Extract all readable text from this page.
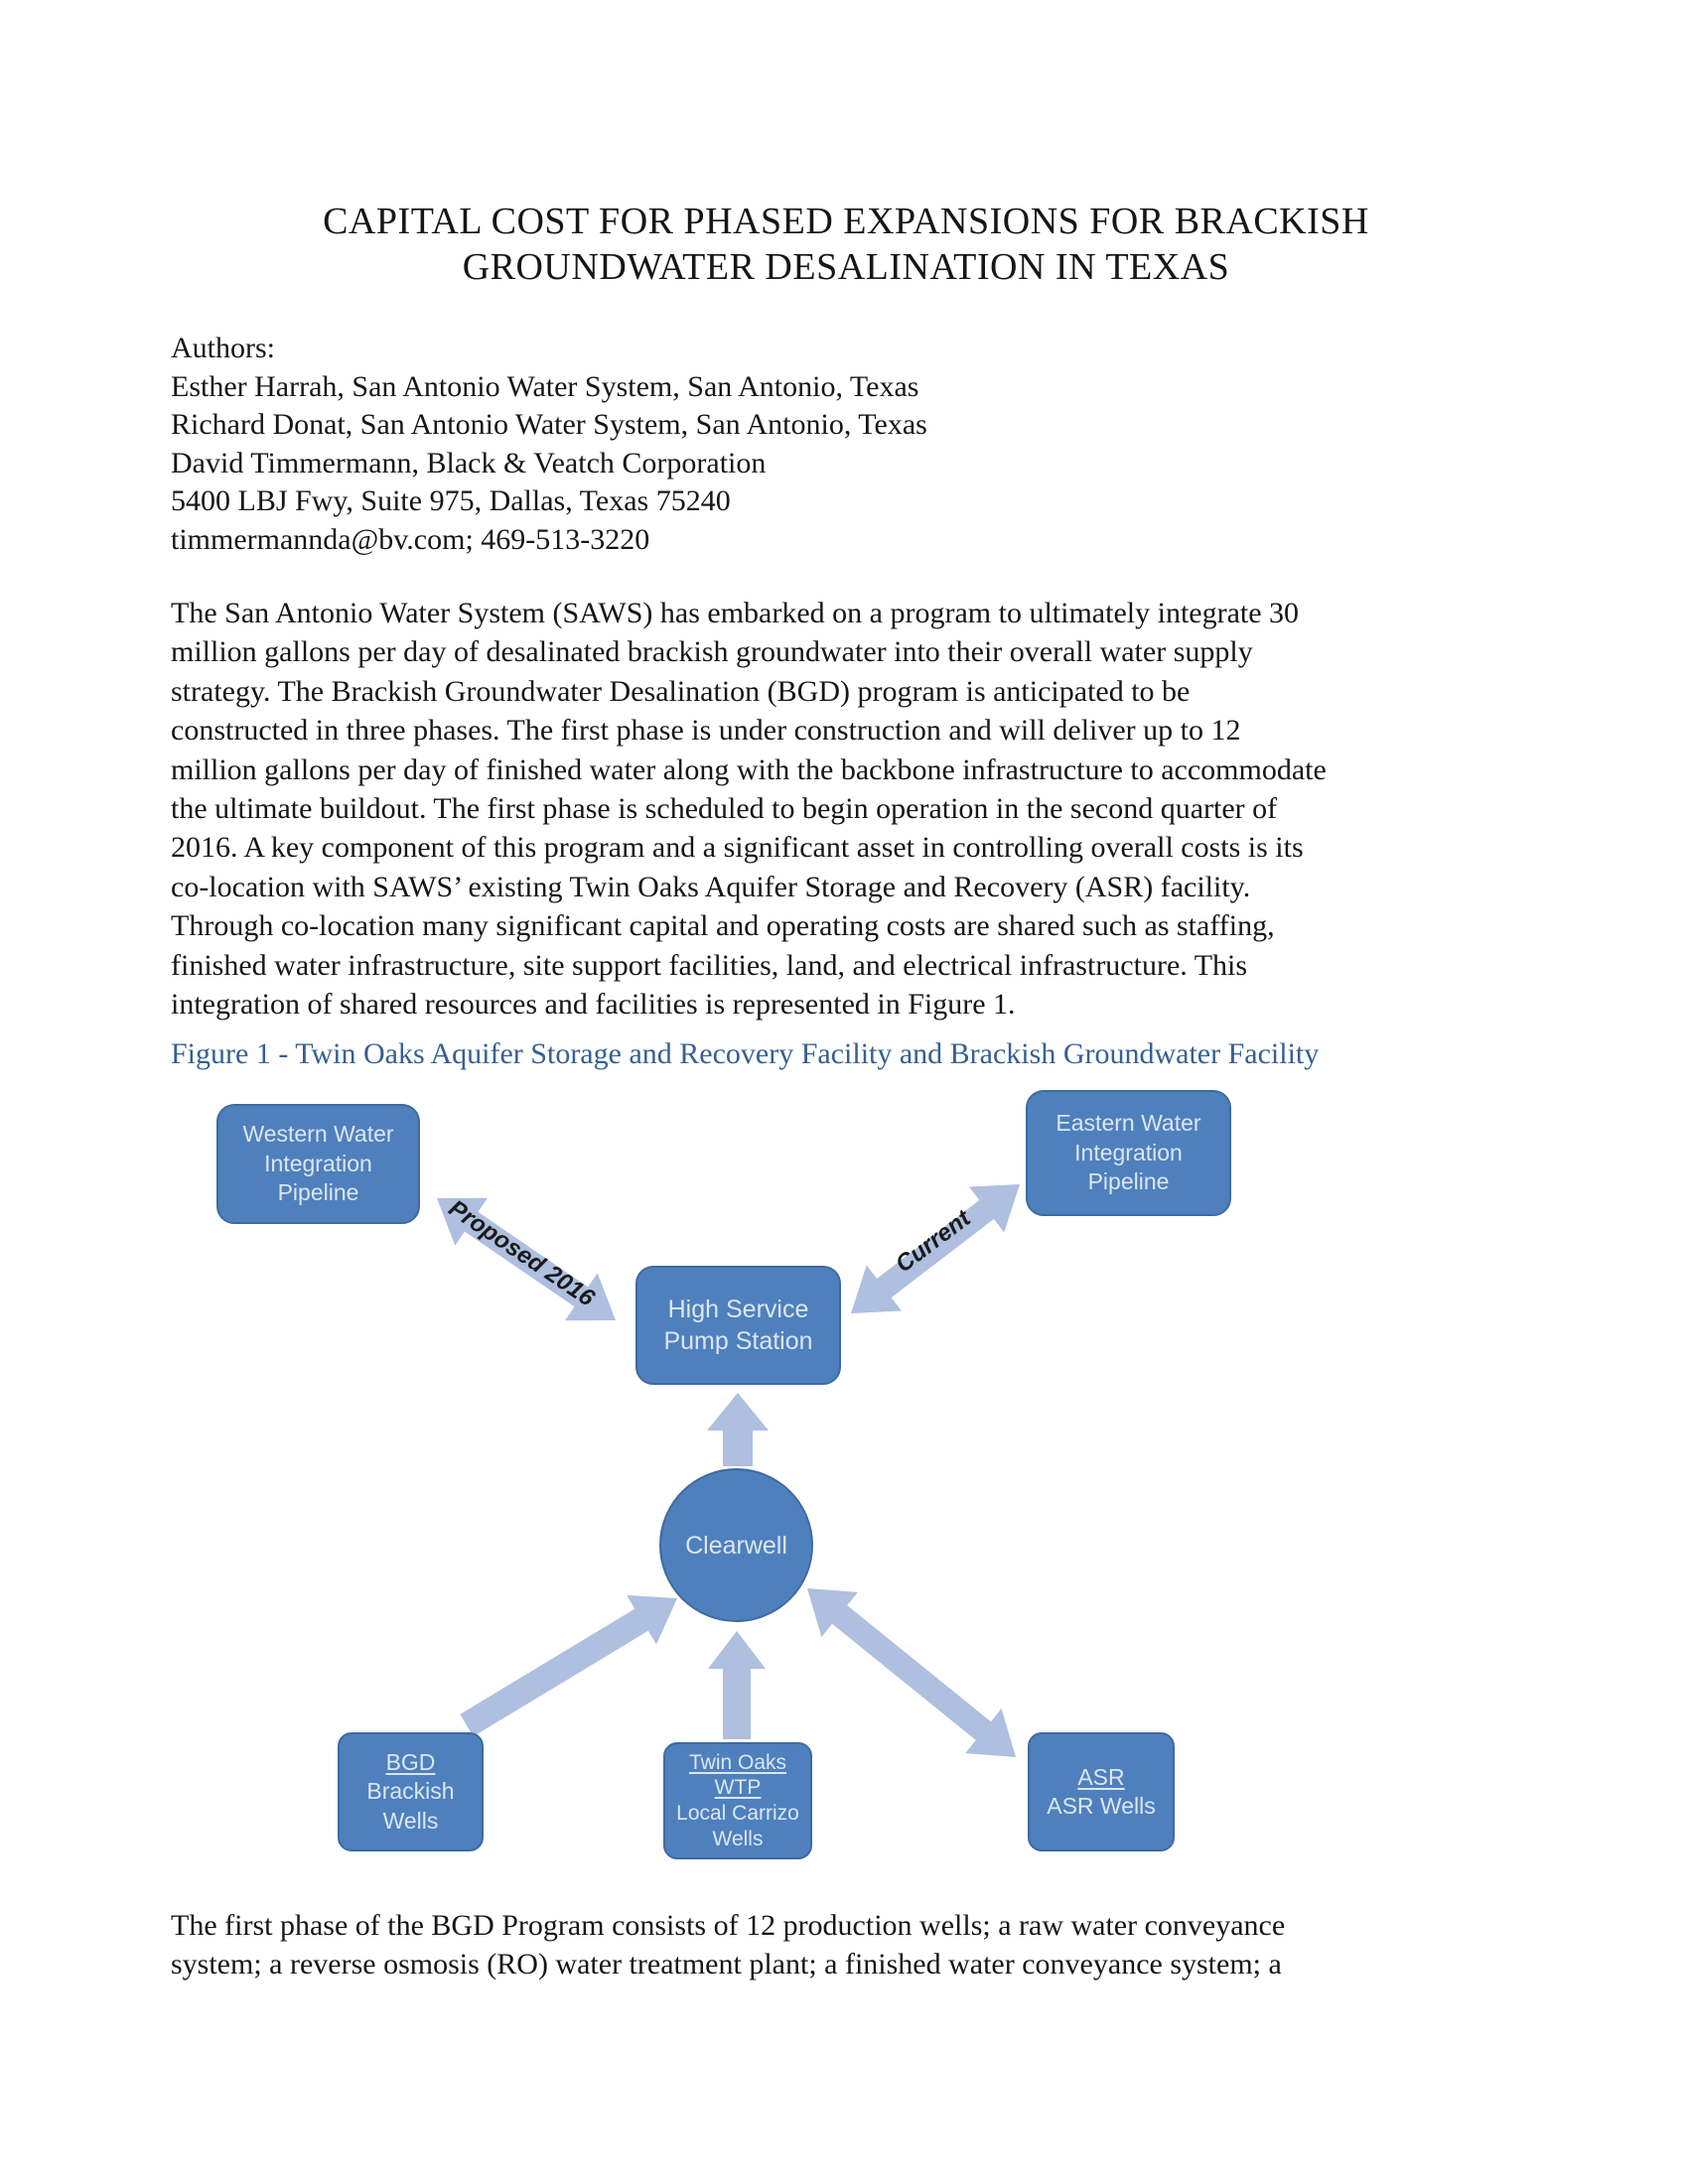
CAPITAL COST FOR PHASED EXPANSIONS FOR BRACKISH
GROUNDWATER DESALINATION IN TEXAS
Authors:
Esther Harrah, San Antonio Water System, San Antonio, Texas
Richard Donat, San Antonio Water System, San Antonio, Texas
David Timmermann, Black & Veatch Corporation
5400 LBJ Fwy, Suite 975, Dallas, Texas 75240
timmermannda@bv.com; 469-513-3220
The San Antonio Water System (SAWS) has embarked on a program to ultimately integrate 30
million gallons per day of desalinated brackish groundwater into their overall water supply
strategy. The Brackish Groundwater Desalination (BGD) program is anticipated to be
constructed in three phases. The first phase is under construction and will deliver up to 12
million gallons per day of finished water along with the backbone infrastructure to accommodate
the ultimate buildout. The first phase is scheduled to begin operation in the second quarter of
2016. A key component of this program and a significant asset in controlling overall costs is its
co-location with SAWS’ existing Twin Oaks Aquifer Storage and Recovery (ASR) facility.
Through co-location many significant capital and operating costs are shared such as staffing,
finished water infrastructure, site support facilities, land, and electrical infrastructure. This
integration of shared resources and facilities is represented in Figure 1.
Figure 1 - Twin Oaks Aquifer Storage and Recovery Facility and Brackish Groundwater Facility
Proposed 2016	Current
Western Water
Integration
Pipeline
Eastern Water
Integration
Pipeline
High Service
Pump Station
Clearwell
BGD
Brackish Wells
Twin Oaks
WTP
Local Carrizo
Wells
ASR
ASR Wells
The first phase of the BGD Program consists of 12 production wells; a raw water conveyance
system; a reverse osmosis (RO) water treatment plant; a finished water conveyance system; a
